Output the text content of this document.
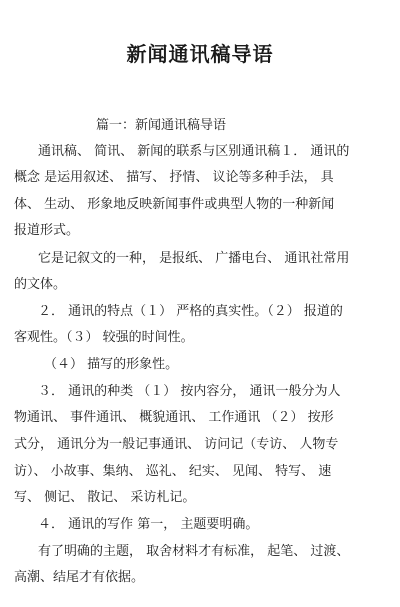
新闻通讯稿导语
篇一：新闻通讯稿导语
通讯稿、 简讯、 新闻的联系与区别通讯稿１． 通讯的
概念 是运用叙述、 描写、 抒情、 议论等多种手法， 具
体、 生动、 形象地反映新闻事件或典型人物的一种新闻
报道形式。
它是记叙文的一种， 是报纸、 广播电台、 通讯社常用
的文体。
２． 通讯的特点（１） 严格的真实性。（２） 报道的
客观性。（３） 较强的时间性。
（４） 描写的形象性。
３． 通讯的种类 （１） 按内容分， 通讯一般分为人
物通讯、 事件通讯、 概貌通讯、 工作通讯 （２） 按形
式分， 通讯分为一般记事通讯、 访问记（专访、 人物专
访）、 小故事、集纳、 巡礼、 纪实、 见闻、 特写、 速
写、 侧记、 散记、 采访札记。
４． 通讯的写作 第一， 主题要明确。
有了明确的主题， 取舍材料才有标准， 起笔、 过渡、
高潮、结尾才有依据。
